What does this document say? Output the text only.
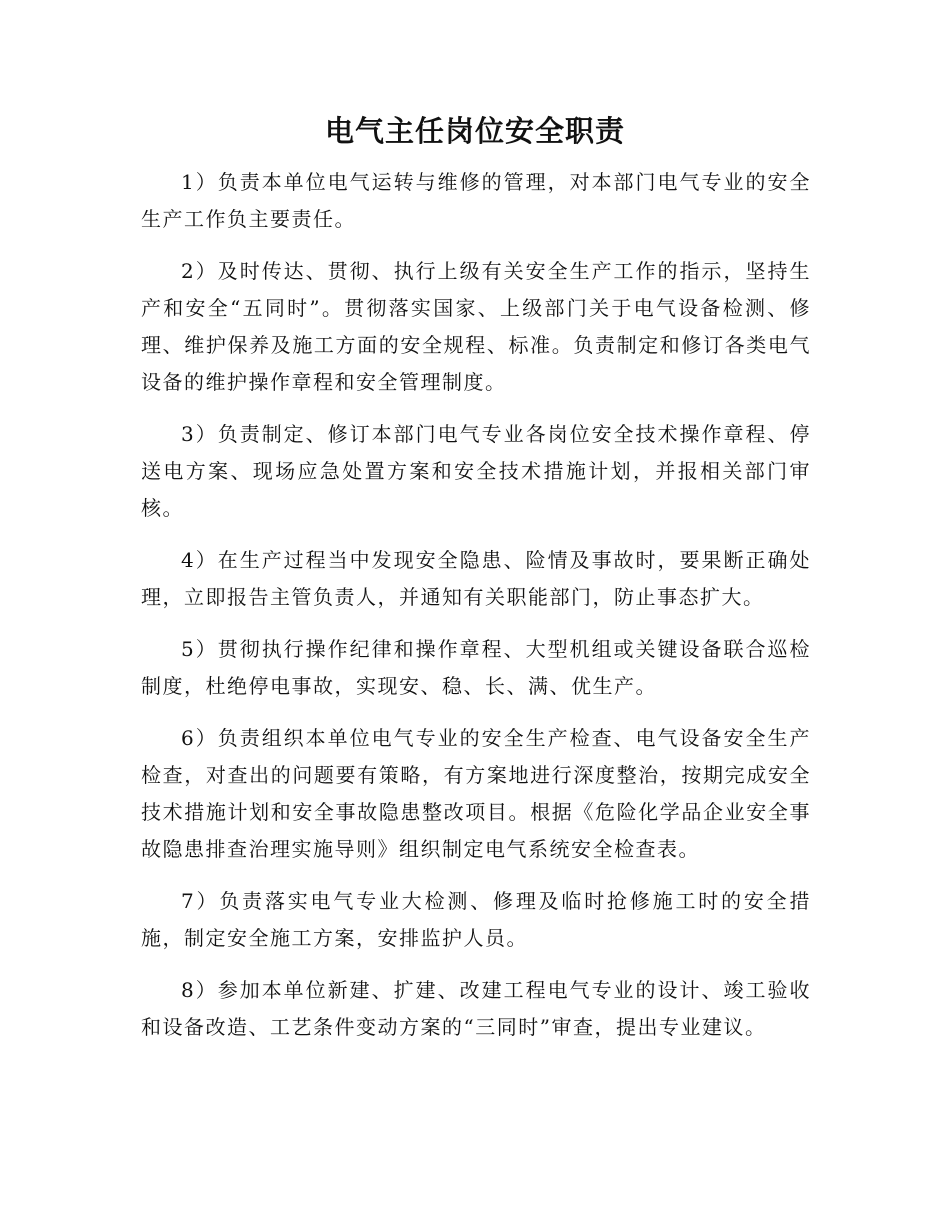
电气主任岗位安全职责

1）负责本单位电气运转与维修的管理，对本部门电气专业的安全生产工作负主要责任。

2）及时传达、贯彻、执行上级有关安全生产工作的指示，坚持生产和安全“五同时”。贯彻落实国家、上级部门关于电气设备检测、修理、维护保养及施工方面的安全规程、标准。负责制定和修订各类电气设备的维护操作章程和安全管理制度。

3）负责制定、修订本部门电气专业各岗位安全技术操作章程、停送电方案、现场应急处置方案和安全技术措施计划，并报相关部门审核。

4）在生产过程当中发现安全隐患、险情及事故时，要果断正确处理，立即报告主管负责人，并通知有关职能部门，防止事态扩大。

5）贯彻执行操作纪律和操作章程、大型机组或关键设备联合巡检制度，杜绝停电事故，实现安、稳、长、满、优生产。

6）负责组织本单位电气专业的安全生产检查、电气设备安全生产检查，对查出的问题要有策略，有方案地进行深度整治，按期完成安全技术措施计划和安全事故隐患整改项目。根据《危险化学品企业安全事故隐患排查治理实施导则》组织制定电气系统安全检查表。

7）负责落实电气专业大检测、修理及临时抢修施工时的安全措施，制定安全施工方案，安排监护人员。

8）参加本单位新建、扩建、改建工程电气专业的设计、竣工验收和设备改造、工艺条件变动方案的“三同时”审查，提出专业建议。
